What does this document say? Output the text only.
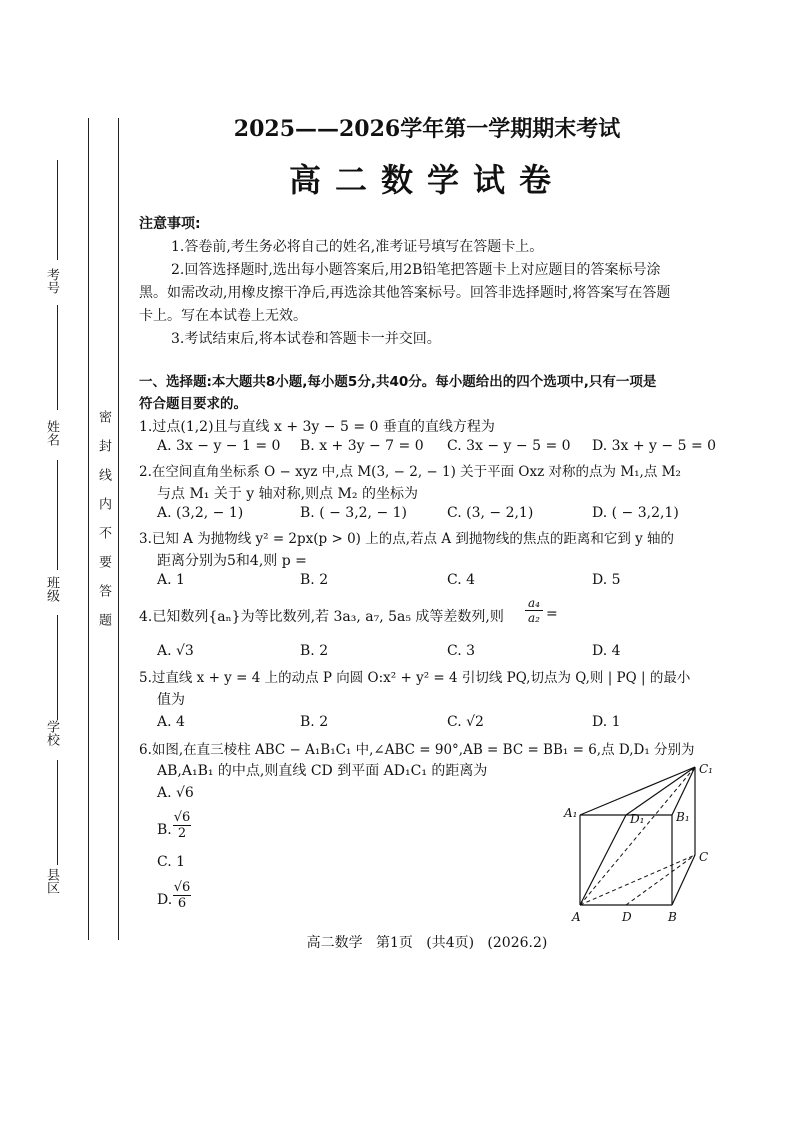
考号
姓名
班级
学校
县区
密封线内不要答题
2025——2026学年第一学期期末考试
高二数学试卷
注意事项:
1.答卷前,考生务必将自己的姓名,准考证号填写在答题卡上。
2.回答选择题时,选出每小题答案后,用2B铅笔把答题卡上对应题目的答案标号涂
黑。如需改动,用橡皮擦干净后,再选涂其他答案标号。回答非选择题时,将答案写在答题
卡上。写在本试卷上无效。
3.考试结束后,将本试卷和答题卡一并交回。
一、选择题:本大题共8小题,每小题5分,共40分。每小题给出的四个选项中,只有一项是
符合题目要求的。
1.过点(1,2)且与直线 x + 3y − 5 = 0 垂直的直线方程为
A. 3x − y − 1 = 0 B. x + 3y − 7 = 0 C. 3x − y − 5 = 0 D. 3x + y − 5 = 0
2.在空间直角坐标系 O − xyz 中,点 M(3, − 2, − 1) 关于平面 Oxz 对称的点为 M₁,点 M₂
与点 M₁ 关于 y 轴对称,则点 M₂ 的坐标为
A. (3,2, − 1)	B. ( − 3,2, − 1)	C. (3, − 2,1)	D. ( − 3,2,1)
3.已知 A 为抛物线 y² = 2px(p > 0) 上的点,若点 A 到抛物线的焦点的距离和它到 y 轴的
距离分别为5和4,则 p =
A. 1	B. 2	C. 4	D. 5
4.已知数列{aₙ}为等比数列,若 3a₃, a₇, 5a₅ 成等差数列,则 $\frac{\text{a₄}}{\text{a₂}}$ =
A. √3	B. 2	C. 3	D. 4
5.过直线 x + y = 4 上的动点 P 向圆 O:x² + y² = 4 引切线 PQ,切点为 Q,则 | PQ | 的最小
值为
A. 4	B. 2	C. √2	D. 1
6.如图,在直三棱柱 ABC − A₁B₁C₁ 中,∠ABC = 90°,AB = BC = BB₁ = 6,点 D,D₁ 分别为
AB,A₁B₁ 的中点,则直线 CD 到平面 AD₁C₁ 的距离为
A. √6
B. $\frac{√6}{2}$
C. 1
D. $\frac{√6}{6}$
C₁
A₁	D₁	B₁
C
A	D	B
高二数学   第1页   (共4页)   (2026.2)
